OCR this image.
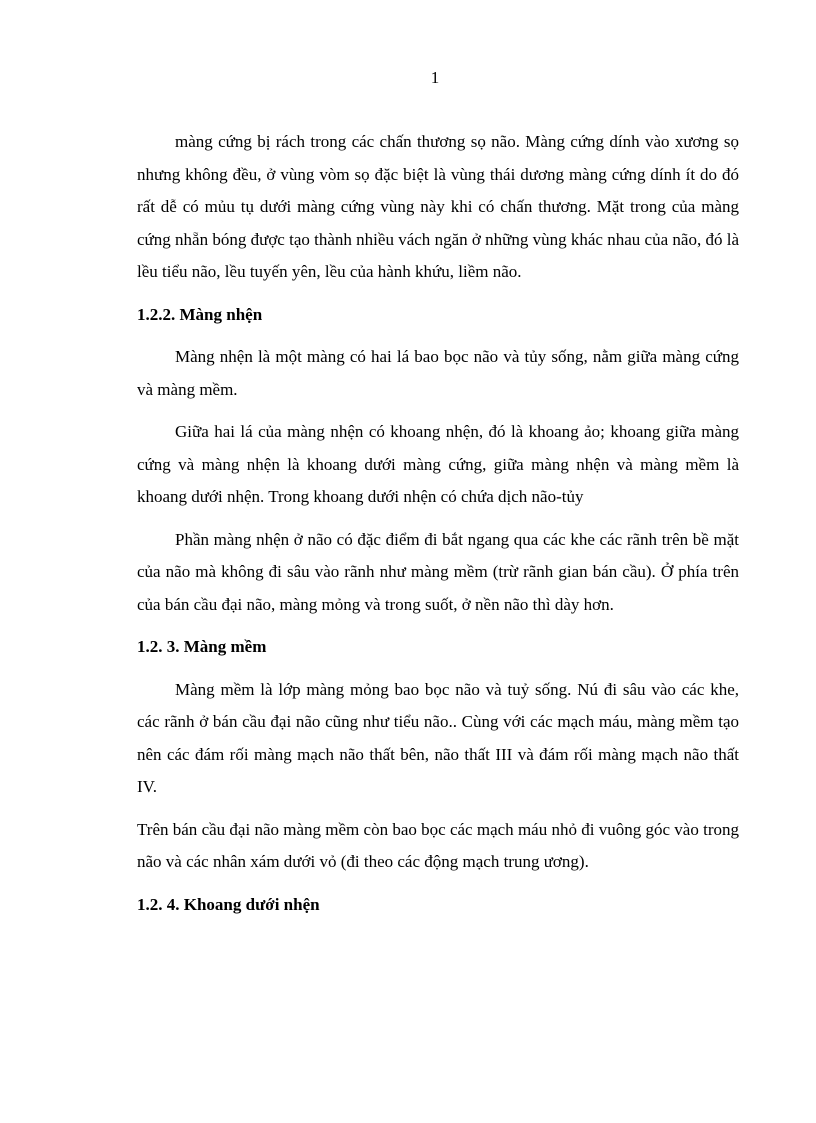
1

màng cứng bị rách trong các chấn thương sọ não. Màng cứng dính vào xương sọ nhưng không đều, ở vùng vòm sọ đặc biệt là vùng thái dương màng cứng dính ít do đó rất dễ có mủu tụ dưới màng cứng vùng này khi có chấn thương. Mặt trong của màng cứng nhẵn bóng được tạo thành nhiều vách ngăn ở những vùng khác nhau của não, đó là lều tiểu não, lều tuyến yên, lều của hành khứu, liềm não.

1.2.2. Màng nhện

Màng nhện là một màng có hai lá bao bọc não và tủy sống, nằm giữa màng cứng và màng mềm.

Giữa hai lá của màng nhện có khoang nhện, đó là khoang ảo; khoang giữa màng cứng và màng nhện là khoang dưới màng cứng, giữa màng nhện và màng mềm là khoang dưới nhện. Trong khoang dưới nhện có chứa dịch não-tủy

Phần màng nhện ở não có đặc điểm đi bắt ngang qua các khe các rãnh trên bề mặt của não mà không đi sâu vào rãnh như màng mềm (trừ rãnh gian bán cầu). Ở phía trên của bán cầu đại não, màng mỏng và trong suốt, ở nền não thì dày hơn.

1.2. 3. Màng mềm

Màng mềm là lớp màng mỏng bao bọc não và tuỷ sống. Nú đi sâu vào các khe, các rãnh ở bán cầu đại não cũng như tiểu não.. Cùng với các mạch máu, màng mềm tạo nên các đám rối màng mạch não thất bên, não thất III và đám rối màng mạch não thất IV.

Trên bán cầu đại não màng mềm còn bao bọc các mạch máu nhỏ đi vuông góc vào trong não và các nhân xám dưới vỏ (đi theo các động mạch trung ương).

1.2. 4. Khoang dưới nhện
